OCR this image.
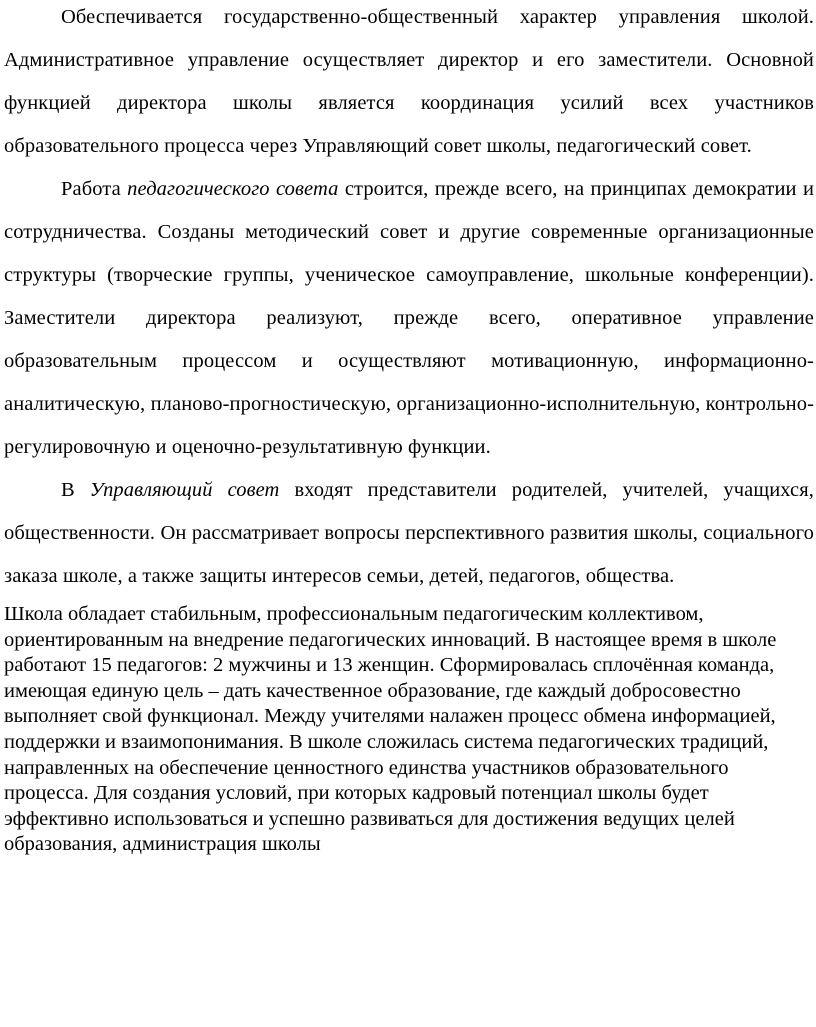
Обеспечивается государственно-общественный характер управления школой. Административное управление осуществляет директор и его заместители. Основной функцией директора школы является координация усилий всех участников образовательного процесса через Управляющий совет школы, педагогический совет.

Работа педагогического совета строится, прежде всего, на принципах демократии и сотрудничества. Созданы методический совет и другие современные организационные структуры (творческие группы, ученическое самоуправление, школьные конференции). Заместители директора реализуют, прежде всего, оперативное управление образовательным процессом и осуществляют мотивационную, информационно-аналитическую, планово-прогностическую, организационно-исполнительную, контрольно-регулировочную и оценочно-результативную функции.

В Управляющий совет входят представители родителей, учителей, учащихся, общественности. Он рассматривает вопросы перспективного развития школы, социального заказа школе, а также защиты интересов семьи, детей, педагогов, общества.

Школа обладает стабильным, профессиональным педагогическим коллективом, ориентированным на внедрение педагогических инноваций. В настоящее время в школе работают 15 педагогов: 2 мужчины и 13 женщин. Сформировалась сплочённая команда, имеющая единую цель – дать качественное образование, где каждый добросовестно выполняет свой функционал. Между учителями налажен процесс обмена информацией, поддержки и взаимопонимания. В школе сложилась система педагогических традиций, направленных на обеспечение ценностного единства участников образовательного процесса. Для создания условий, при которых кадровый потенциал школы будет эффективно использоваться и успешно развиваться для достижения ведущих целей образования, администрация школы
